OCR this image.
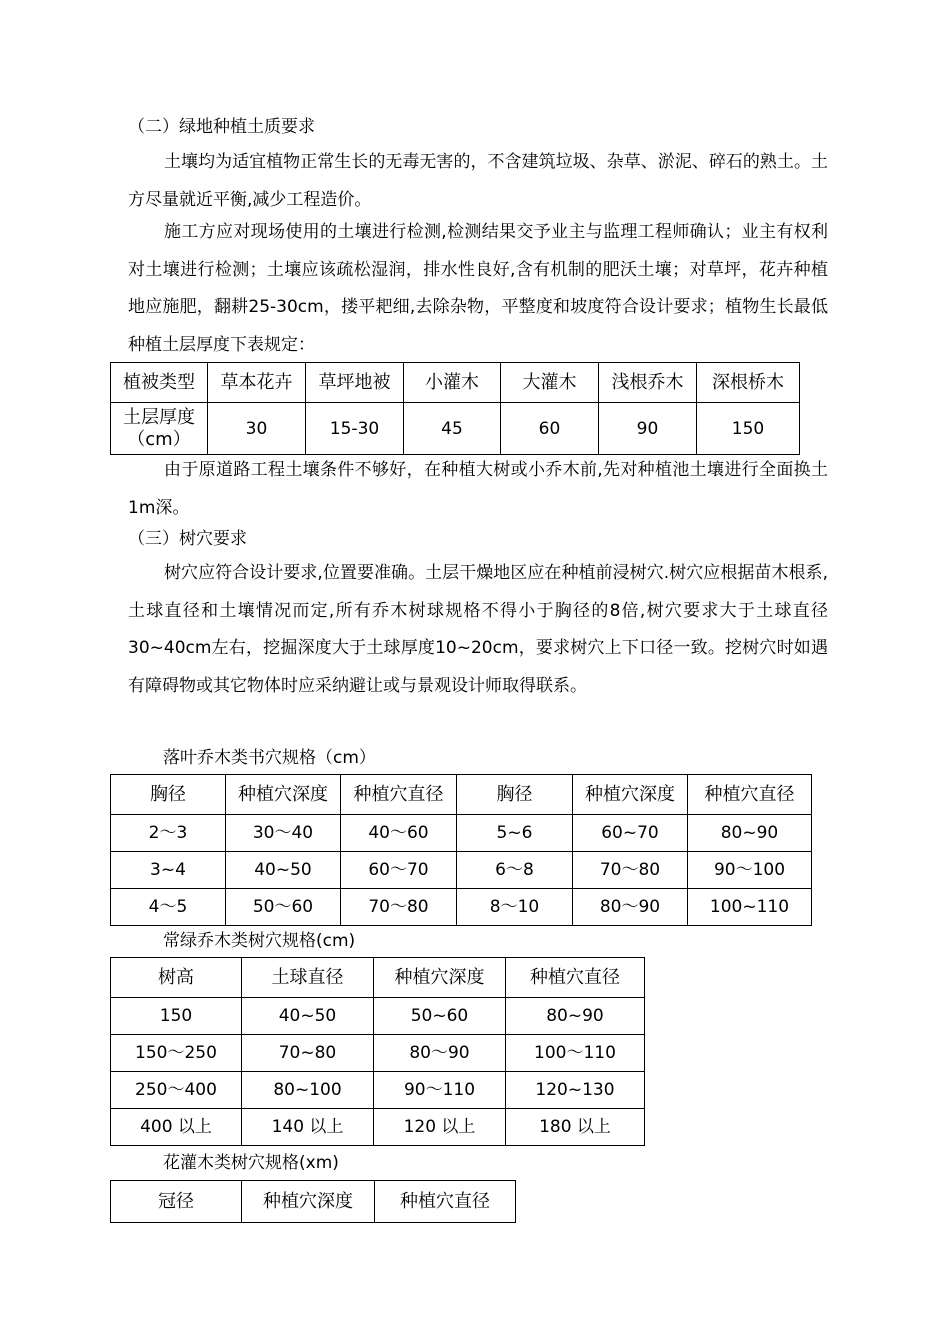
（二）绿地种植土质要求
土壤均为适宜植物正常生长的无毒无害的，不含建筑垃圾、杂草、淤泥、碎石的熟土。土方尽量就近平衡,减少工程造价。
施工方应对现场使用的土壤进行检测,检测结果交予业主与监理工程师确认；业主有权利对土壤进行检测；土壤应该疏松湿润，排水性良好,含有机制的肥沃土壤；对草坪，花卉种植地应施肥，翻耕25-30cm，搂平耙细,去除杂物，平整度和坡度符合设计要求；植物生长最低种植土层厚度下表规定：
植被类型	草本花卉	草坪地被	小灌木	大灌木	浅根乔木	深根桥木
土层厚度（cm）	30	15-30	45	60	90	150
由于原道路工程土壤条件不够好，在种植大树或小乔木前,先对种植池土壤进行全面换土1m深。
（三）树穴要求
树穴应符合设计要求,位置要准确。土层干燥地区应在种植前浸树穴.树穴应根据苗木根系,土球直径和土壤情况而定,所有乔木树球规格不得小于胸径的8倍,树穴要求大于土球直径30~40cm左右，挖掘深度大于土球厚度10~20cm，要求树穴上下口径一致。挖树穴时如遇有障碍物或其它物体时应采纳避让或与景观设计师取得联系。
落叶乔木类书穴规格（cm）
胸径	种植穴深度	种植穴直径	胸径	种植穴深度	种植穴直径
2～3	30～40	40～60	5~6	60~70	80~90
3~4	40~50	60～70	6～8	70～80	90～100
4～5	50～60	70～80	8～10	80～90	100~110
常绿乔木类树穴规格(cm)
树高	土球直径	种植穴深度	种植穴直径
150	40~50	50~60	80~90
150～250	70~80	80～90	100～110
250～400	80~100	90～110	120~130
400 以上	140 以上	120 以上	180 以上
花灌木类树穴规格(xm)
冠径	种植穴深度	种植穴直径
